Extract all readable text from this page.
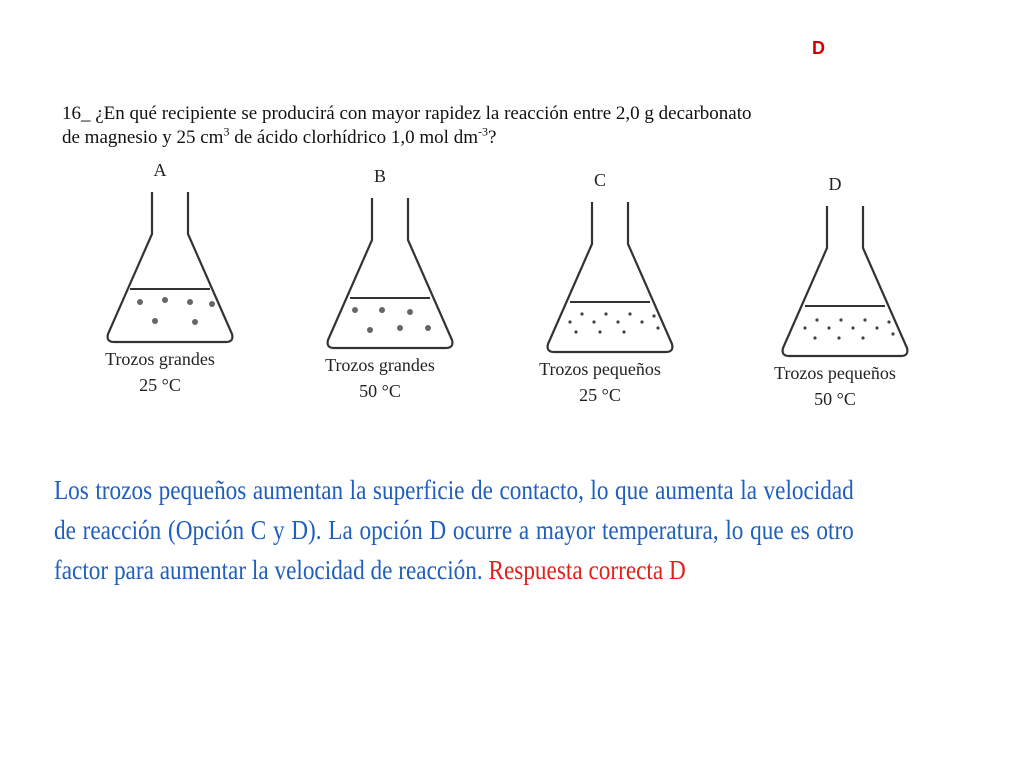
D
16_ ¿En qué recipiente se producirá con mayor rapidez la reacción entre 2,0 g decarbonato
de magnesio y 25 $cm^3$ de ácido clorhídrico 1,0 mol $dm^{-3}$?
A
Trozos grandes
25 °C
B
Trozos grandes
50 °C
C
Trozos pequeños
25 °C
D
Trozos pequeños
50 °C
Los trozos pequeños aumentan la superficie de contacto, lo que aumenta la velocidad de reacción (Opción C y D). La opción D ocurre a mayor temperatura, lo que es otro factor para aumentar la velocidad de reacción. Respuesta correcta D
